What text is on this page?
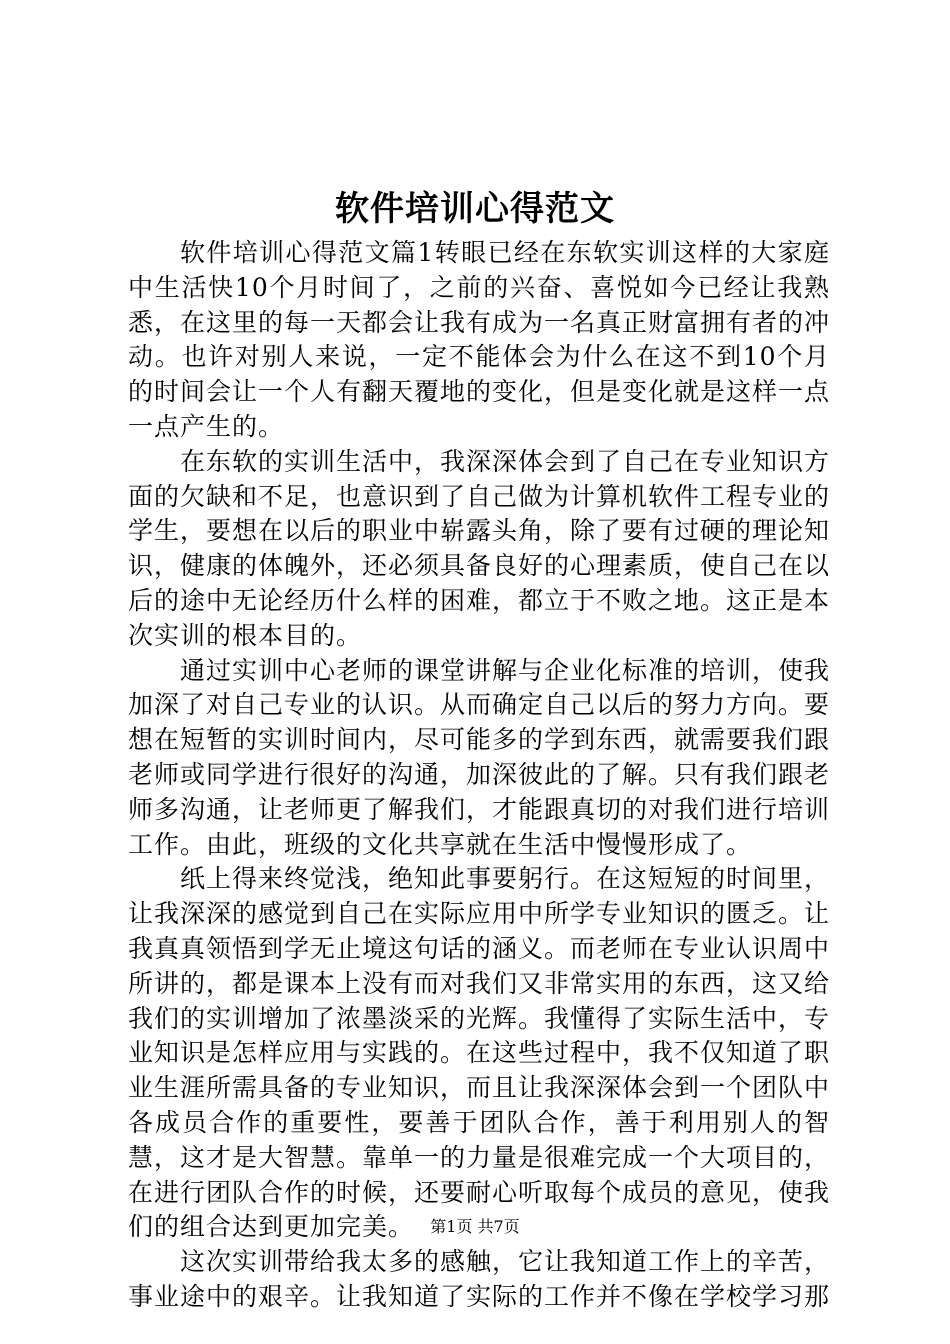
软件培训心得范文

软件培训心得范文篇1转眼已经在东软实训这样的大家庭中生活快10个月时间了，之前的兴奋、喜悦如今已经让我熟悉，在这里的每一天都会让我有成为一名真正财富拥有者的冲动。也许对别人来说，一定不能体会为什么在这不到10个月的时间会让一个人有翻天覆地的变化，但是变化就是这样一点一点产生的。

在东软的实训生活中，我深深体会到了自己在专业知识方面的欠缺和不足，也意识到了自己做为计算机软件工程专业的学生，要想在以后的职业中崭露头角，除了要有过硬的理论知识，健康的体魄外，还必须具备良好的心理素质，使自己在以后的途中无论经历什么样的困难，都立于不败之地。这正是本次实训的根本目的。

通过实训中心老师的课堂讲解与企业化标准的培训，使我加深了对自己专业的认识。从而确定自己以后的努力方向。要想在短暂的实训时间内，尽可能多的学到东西，就需要我们跟老师或同学进行很好的沟通，加深彼此的了解。只有我们跟老师多沟通，让老师更了解我们，才能跟真切的对我们进行培训工作。由此，班级的文化共享就在生活中慢慢形成了。

纸上得来终觉浅，绝知此事要躬行。在这短短的时间里，让我深深的感觉到自己在实际应用中所学专业知识的匮乏。让我真真领悟到学无止境这句话的涵义。而老师在专业认识周中所讲的，都是课本上没有而对我们又非常实用的东西，这又给我们的实训增加了浓墨淡采的光辉。我懂得了实际生活中，专业知识是怎样应用与实践的。在这些过程中，我不仅知道了职业生涯所需具备的专业知识，而且让我深深体会到一个团队中各成员合作的重要性，要善于团队合作，善于利用别人的智慧，这才是大智慧。靠单一的力量是很难完成一个大项目的，在进行团队合作的时候，还要耐心听取每个成员的意见，使我们的组合达到更加完美。

这次实训带给我太多的感触，它让我知道工作上的辛苦，事业途中的艰辛。让我知道了实际的工作并不像在学校学习那

第1页 共7页
